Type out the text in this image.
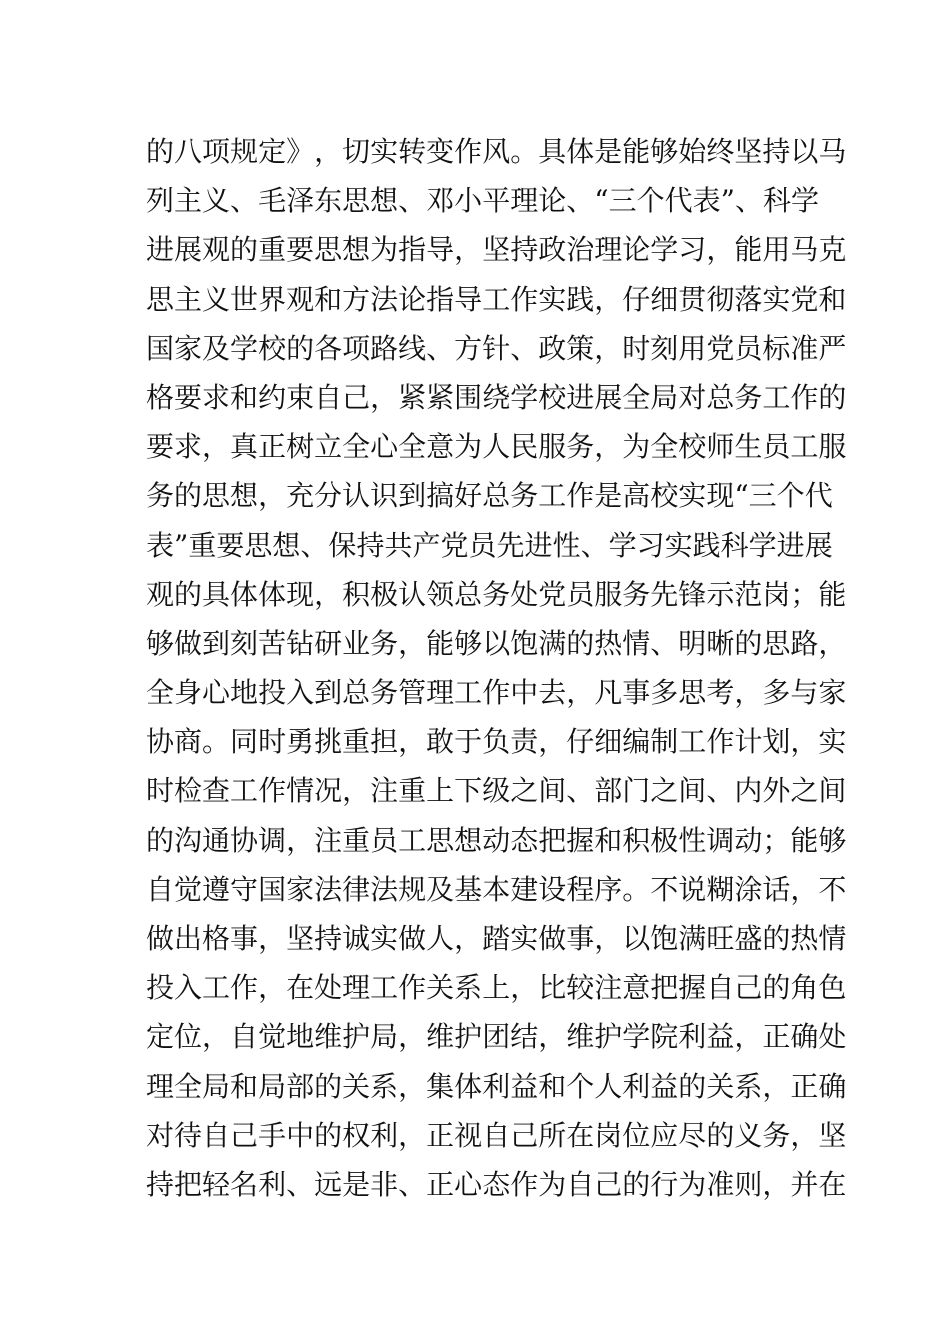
的 八 项 规 定 》 ， 切 实 转 变 作 风 。 具 体 是 能 够 始 终 坚 持 以 马
列 主 义 、 毛 泽 东 思 想 、 邓 小 平 理 论 、 “ 三 个 代 表 ” 、 科 学
进 展 观 的 重 要 思 想 为 指 导 ， 坚 持 政 治 理 论 学 习 ， 能 用 马 克
思 主 义 世 界 观 和 方 法 论 指 导 工 作 实 践 ， 仔 细 贯 彻 落 实 党 和
国 家 及 学 校 的 各 项 路 线 、 方 针 、 政 策 ， 时 刻 用 党 员 标 准 严
格 要 求 和 约 束 自 己 ， 紧 紧 围 绕 学 校 进 展 全 局 对 总 务 工 作 的
要 求 ， 真 正 树 立 全 心 全 意 为 人 民 服 务 ， 为 全 校 师 生 员 工 服
务 的 思 想 ， 充 分 认 识 到 搞 好 总 务 工 作 是 高 校 实 现 “ 三 个 代
表 ” 重 要 思 想 、 保 持 共 产 党 员 先 进 性 、 学 习 实 践 科 学 进 展
观 的 具 体 体 现 ， 积 极 认 领 总 务 处 党 员 服 务 先 锋 示 范 岗 ； 能
够 做 到 刻 苦 钻 研 业 务 ， 能 够 以 饱 满 的 热 情 、 明 晰 的 思 路 ，
全 身 心 地 投 入 到 总 务 管 理 工 作 中 去 ， 凡 事 多 思 考 ， 多 与 家
协 商 。 同 时 勇 挑 重 担 ， 敢 于 负 责 ， 仔 细 编 制 工 作 计 划 ， 实
时 检 查 工 作 情 况 ， 注 重 上 下 级 之 间 、 部 门 之 间 、 内 外 之 间
的 沟 通 协 调 ， 注 重 员 工 思 想 动 态 把 握 和 积 极 性 调 动 ； 能 够
自 觉 遵 守 国 家 法 律 法 规 及 基 本 建 设 程 序 。 不 说 糊 涂 话 ， 不
做 出 格 事 ， 坚 持 诚 实 做 人 ， 踏 实 做 事 ， 以 饱 满 旺 盛 的 热 情
投 入 工 作 ， 在 处 理 工 作 关 系 上 ， 比 较 注 意 把 握 自 己 的 角 色
定 位 ， 自 觉 地 维 护 局 ， 维 护 团 结 ， 维 护 学 院 利 益 ， 正 确 处
理 全 局 和 局 部 的 关 系 ， 集 体 利 益 和 个 人 利 益 的 关 系 ， 正 确
对 待 自 己 手 中 的 权 利 ， 正 视 自 己 所 在 岗 位 应 尽 的 义 务 ， 坚
持 把 轻 名 利 、 远 是 非 、 正 心 态 作 为 自 己 的 行 为 准 则 ， 并 在
